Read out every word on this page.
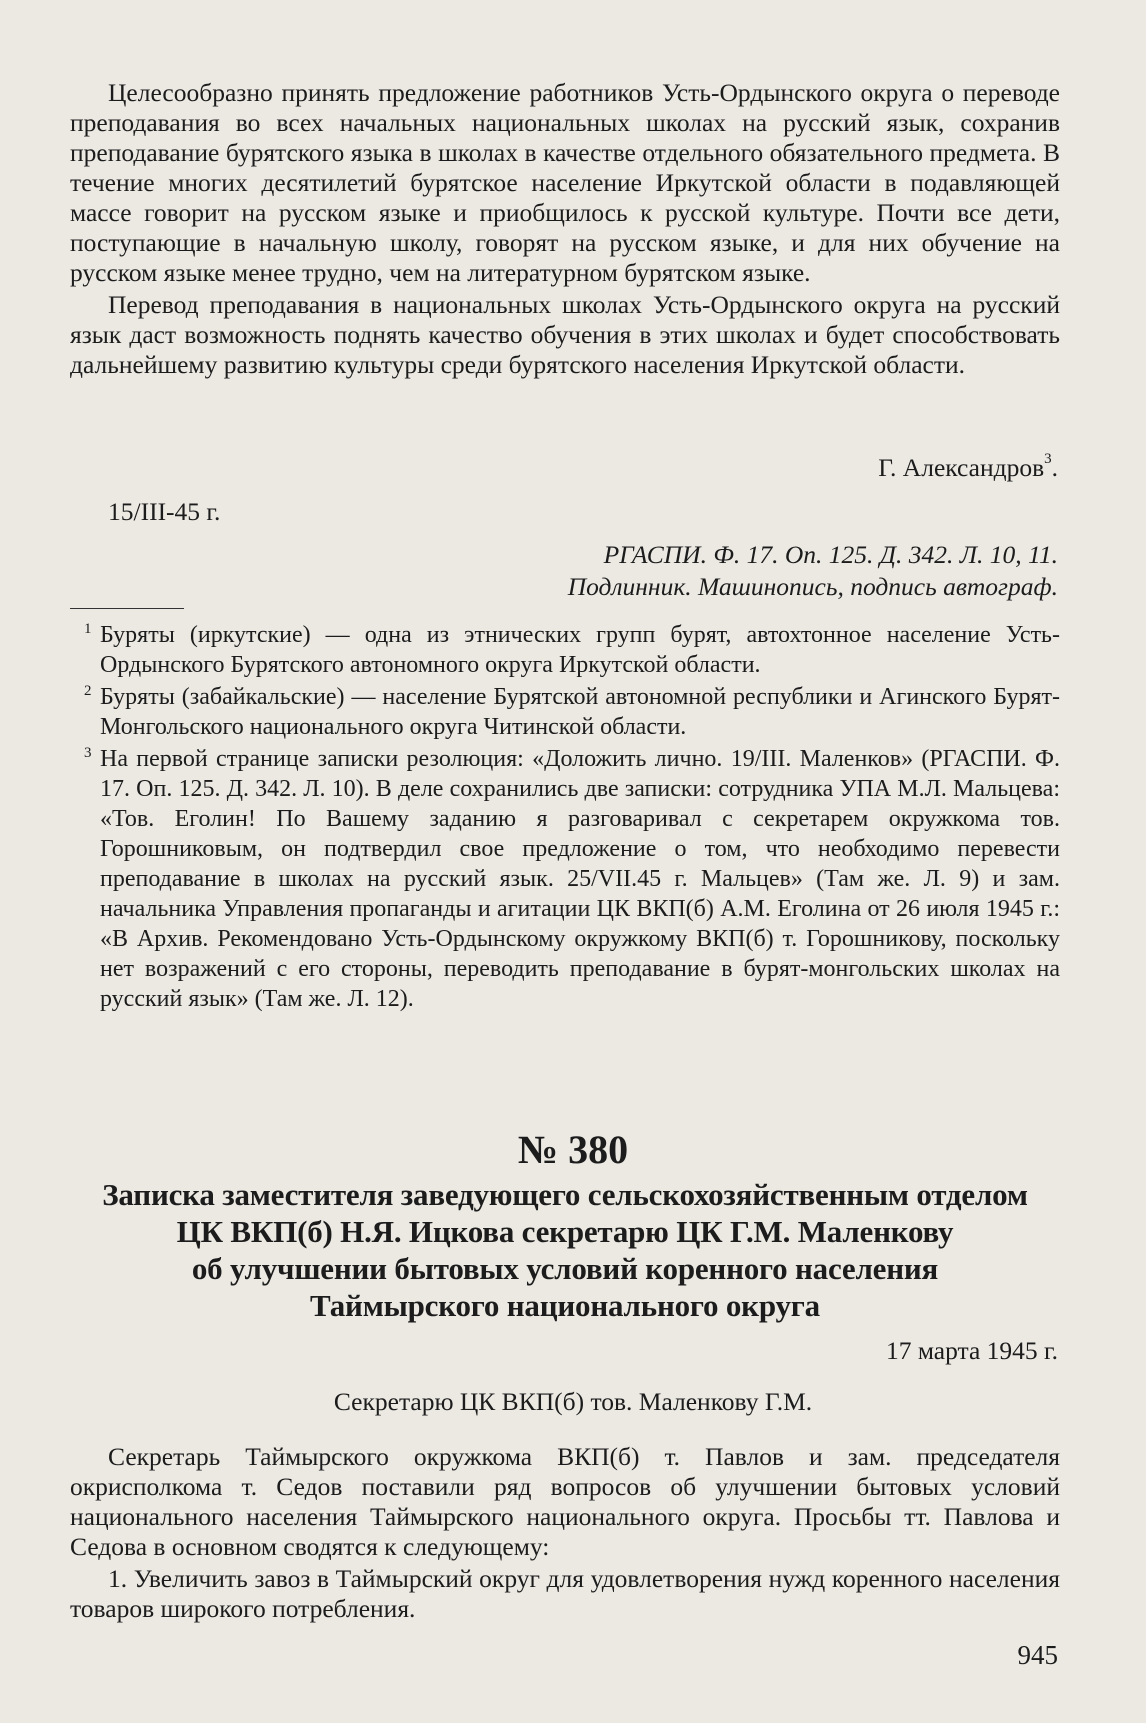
Целесообразно принять предложение работников Усть-Ордынского округа о переводе преподавания во всех начальных национальных школах на русский язык, сохранив преподавание бурятского языка в школах в качестве отдельного обязательного предмета. В течение многих десятилетий бурятское население Иркутской области в подавляющей массе говорит на русском языке и приобщилось к русской культуре. Почти все дети, поступающие в начальную школу, говорят на русском языке, и для них обучение на русском языке менее трудно, чем на литературном бурятском языке.

Перевод преподавания в национальных школах Усть-Ордынского округа на русский язык даст возможность поднять качество обучения в этих школах и будет способствовать дальнейшему развитию культуры среди бурятского населения Иркутской области.

Г. Александров$^3$.
15/III-45 г.
РГАСПИ. Ф. 17. Оп. 125. Д. 342. Л. 10, 11.
Подлинник. Машинопись, подпись автограф.

1 Буряты (иркутские) — одна из этнических групп бурят, автохтонное население Усть-Ордынского Бурятского автономного округа Иркутской области.

2 Буряты (забайкальские) — население Бурятской автономной республики и Агинского Бурят-Монгольского национального округа Читинской области.

3 На первой странице записки резолюция: «Доложить лично. 19/III. Маленков» (РГАСПИ. Ф. 17. Оп. 125. Д. 342. Л. 10). В деле сохранились две записки: сотрудника УПА М.Л. Мальцева: «Тов. Еголин! По Вашему заданию я разговаривал с секретарем окружкома тов. Горошниковым, он подтвердил свое предложение о том, что необходимо перевести преподавание в школах на русский язык. 25/VII.45 г. Мальцев» (Там же. Л. 9) и зам. начальника Управления пропаганды и агитации ЦК ВКП(б) А.М. Еголина от 26 июля 1945 г.: «В Архив. Рекомендовано Усть-Ордынскому окружкому ВКП(б) т. Горошникову, поскольку нет возражений с его стороны, переводить преподавание в бурят-монгольских школах на русский язык» (Там же. Л. 12).

№ 380
Записка заместителя заведующего сельскохозяйственным отделом
ЦК ВКП(б) Н.Я. Ицкова секретарю ЦК Г.М. Маленкову
об улучшении бытовых условий коренного населения
Таймырского национального округа
17 марта 1945 г.
Секретарю ЦК ВКП(б) тов. Маленкову Г.М.

Секретарь Таймырского окружкома ВКП(б) т. Павлов и зам. председателя окрисполкома т. Седов поставили ряд вопросов об улучшении бытовых условий национального населения Таймырского национального округа. Просьбы тт. Павлова и Седова в основном сводятся к следующему:

1. Увеличить завоз в Таймырский округ для удовлетворения нужд коренного населения товаров широкого потребления.

945
